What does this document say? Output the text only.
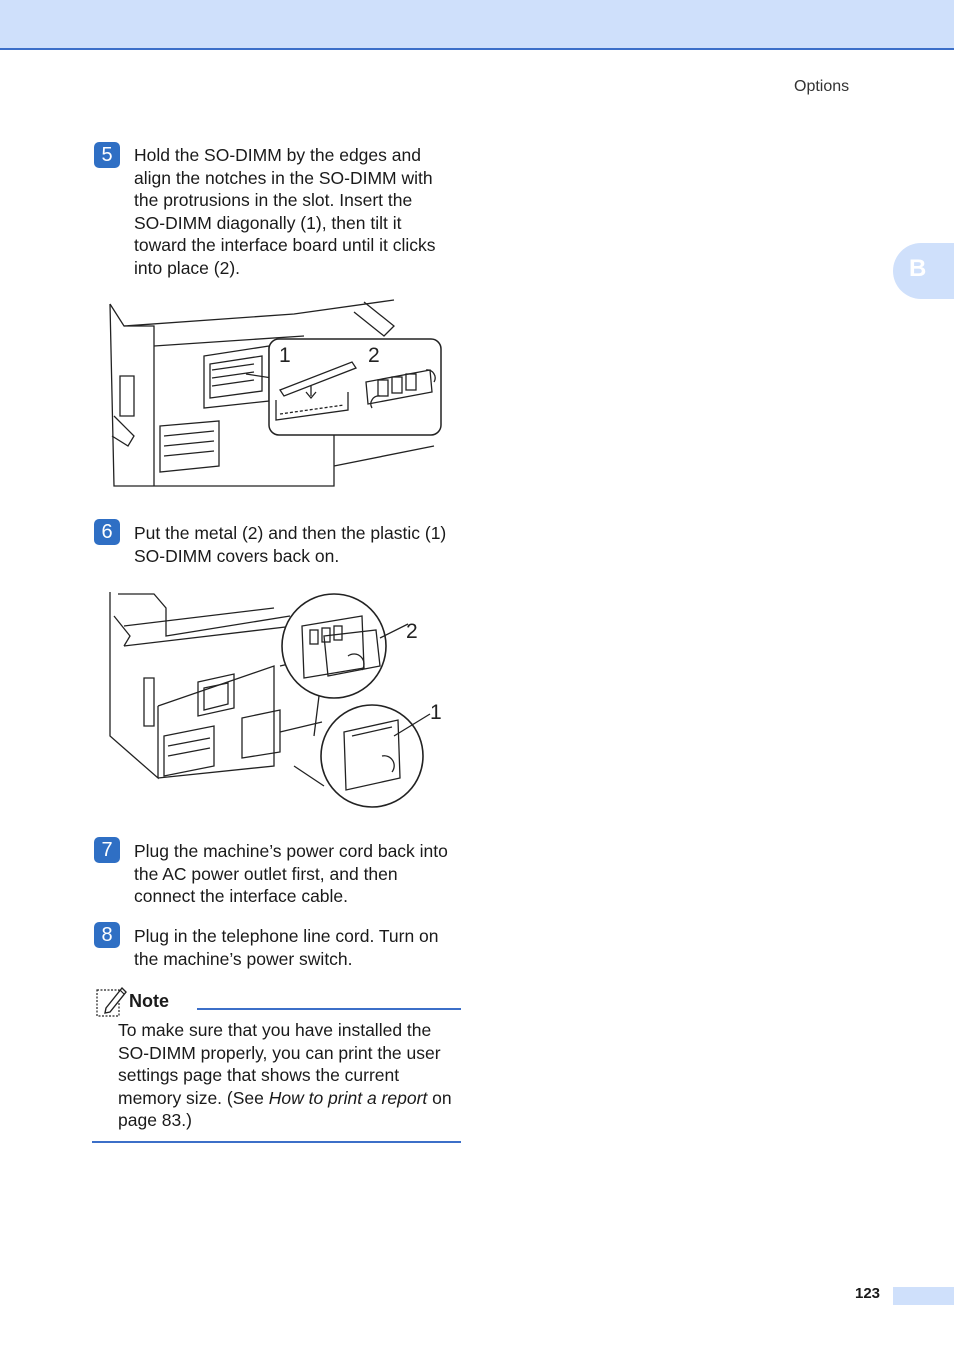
Options
B
5	Hold the SO-DIMM by the edges and
align the notches in the SO-DIMM with
the protrusions in the slot. Insert the
SO-DIMM diagonally (1), then tilt it
toward the interface board until it clicks
into place (2).
1	2
6	Put the metal (2) and then the plastic (1)
SO-DIMM covers back on.
2
1
7	Plug the machine’s power cord back into
the AC power outlet first, and then
connect the interface cable.
8	Plug in the telephone line cord. Turn on
the machine’s power switch.
Note
To make sure that you have installed the SO-DIMM properly, you can print the user settings page that shows the current memory size. (See How to print a report on page 83.)
123
